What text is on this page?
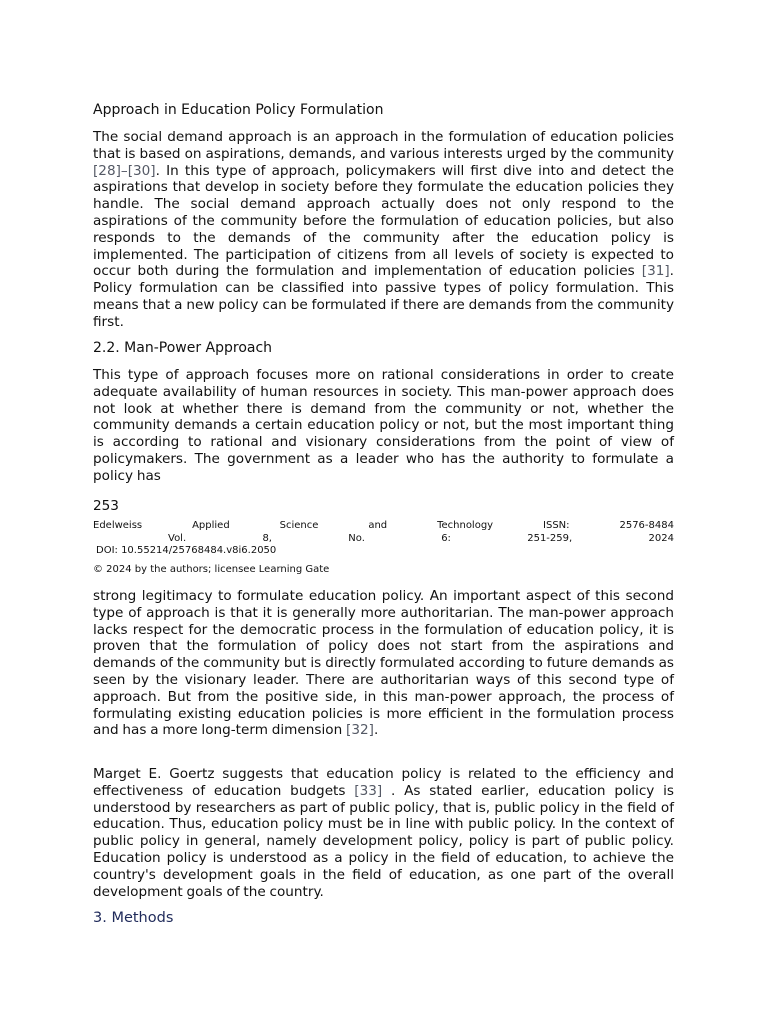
Approach in Education Policy Formulation

The social demand approach is an approach in the formulation of education policies that is based on aspirations, demands, and various interests urged by the community [28]–[30]. In this type of approach, policymakers will first dive into and detect the aspirations that develop in society before they formulate the education policies they handle. The social demand approach actually does not only respond to the aspirations of the community before the formulation of education policies, but also responds to the demands of the community after the education policy is implemented. The participation of citizens from all levels of society is expected to occur both during the formulation and implementation of education policies [31]. Policy formulation can be classified into passive types of policy formulation. This means that a new policy can be formulated if there are demands from the community first.

2.2. Man-Power Approach

This type of approach focuses more on rational considerations in order to create adequate availability of human resources in society. This man-power approach does not look at whether there is demand from the community or not, whether the community demands a certain education policy or not, but the most important thing is according to rational and visionary considerations from the point of view of policymakers. The government as a leader who has the authority to formulate a policy has

253
Edelweiss	Applied	Science	and	Technology	ISSN:	2576-8484
Vol.	8,	No.	6:	251-259,	2024
DOI: 10.55214/25768484.v8i6.2050
© 2024 by the authors; licensee Learning Gate

strong legitimacy to formulate education policy. An important aspect of this second type of approach is that it is generally more authoritarian. The man-power approach lacks respect for the democratic process in the formulation of education policy, it is proven that the formulation of policy does not start from the aspirations and demands of the community but is directly formulated according to future demands as seen by the visionary leader. There are authoritarian ways of this second type of approach. But from the positive side, in this man-power approach, the process of formulating existing education policies is more efficient in the formulation process and has a more long-term dimension [32].

Marget E. Goertz suggests that education policy is related to the efficiency and effectiveness of education budgets [33] . As stated earlier, education policy is understood by researchers as part of public policy, that is, public policy in the field of education. Thus, education policy must be in line with public policy. In the context of public policy in general, namely development policy, policy is part of public policy. Education policy is understood as a policy in the field of education, to achieve the country's development goals in the field of education, as one part of the overall development goals of the country.

3. Methods
